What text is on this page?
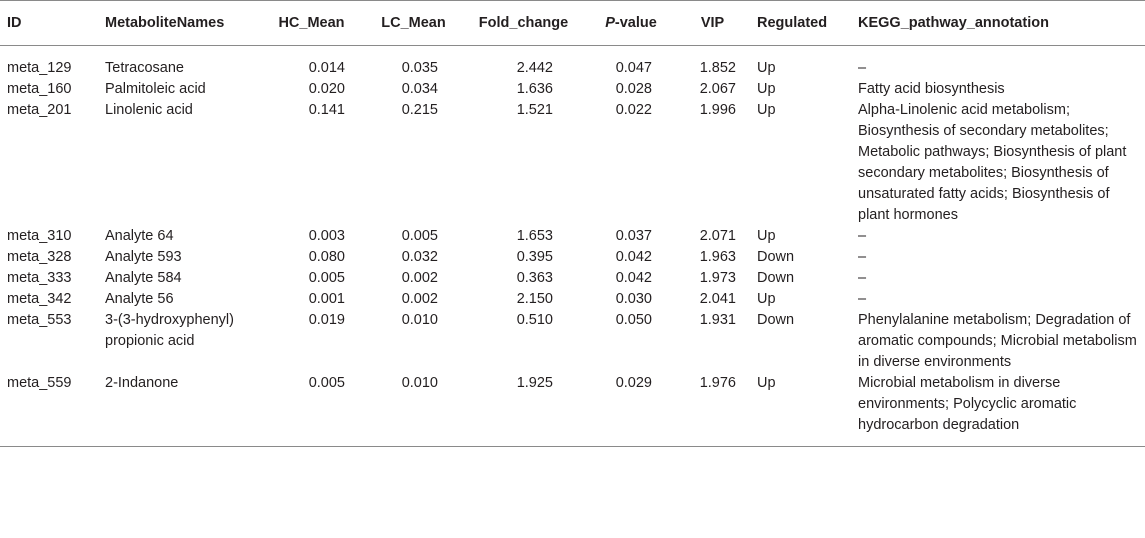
ID	MetaboliteNames	HC_Mean	LC_Mean	Fold_change	P-value	VIP	Regulated	KEGG_pathway_annotation
meta_129	Tetracosane	0.014	0.035	2.442	0.047	1.852	Up	–
meta_160	Palmitoleic acid	0.020	0.034	1.636	0.028	2.067	Up	Fatty acid biosynthesis
meta_201	Linolenic acid	0.141	0.215	1.521	0.022	1.996	Up	Alpha-Linolenic acid metabolism; Biosynthesis of secondary metabolites; Metabolic pathways; Biosynthesis of plant secondary metabolites; Biosynthesis of unsaturated fatty acids; Biosynthesis of plant hormones
meta_310	Analyte 64	0.003	0.005	1.653	0.037	2.071	Up	–
meta_328	Analyte 593	0.080	0.032	0.395	0.042	1.963	Down	–
meta_333	Analyte 584	0.005	0.002	0.363	0.042	1.973	Down	–
meta_342	Analyte 56	0.001	0.002	2.150	0.030	2.041	Up	–
meta_553	3-(3-hydroxyphenyl) propionic acid	0.019	0.010	0.510	0.050	1.931	Down	Phenylalanine metabolism; Degradation of aromatic compounds; Microbial metabolism in diverse environments
meta_559	2-Indanone	0.005	0.010	1.925	0.029	1.976	Up	Microbial metabolism in diverse environments; Polycyclic aromatic hydrocarbon degradation
